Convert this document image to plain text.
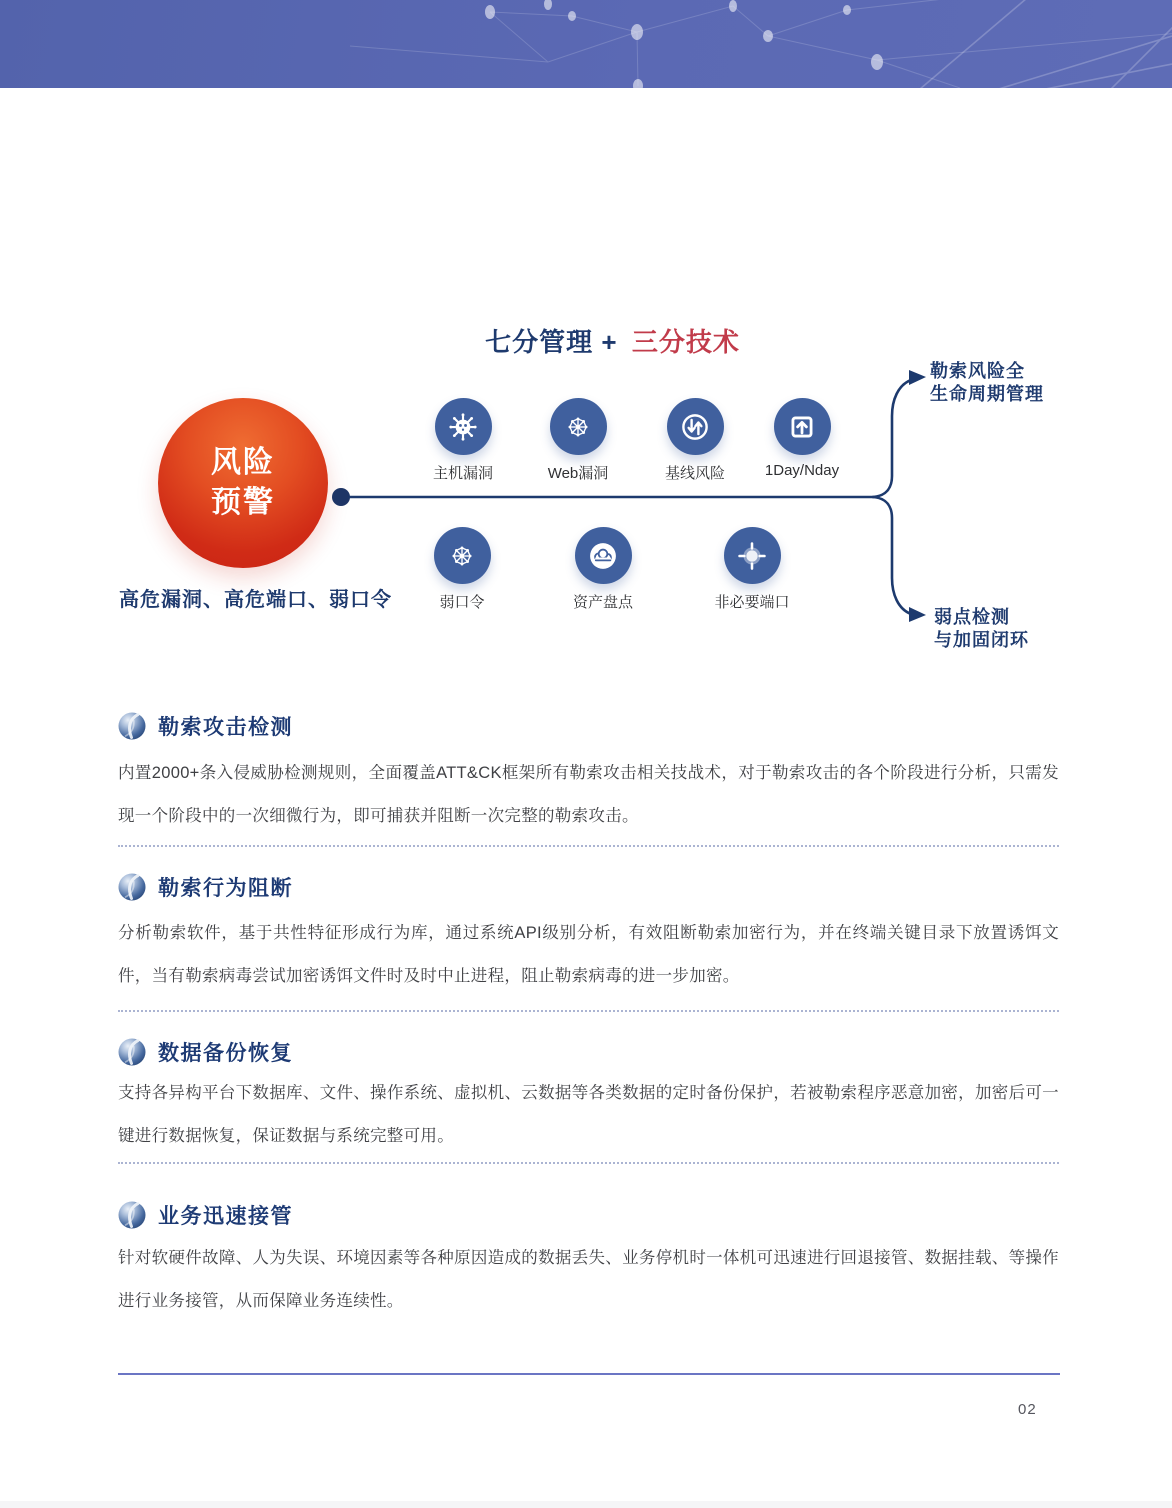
七分管理 + 三分技术
风险
预警
高危漏洞、高危端口、弱口令
主机漏洞	Web漏洞	基线风险	1Day/Nday
弱口令	资产盘点	非必要端口
勒索风险全
生命周期管理
弱点检测
与加固闭环
勒索攻击检测
内置2000+条入侵威胁检测规则，全面覆盖ATT&CK框架所有勒索攻击相关技战术，对于勒索攻击的各个阶段进行分析，只需发现一个阶段中的一次细微行为，即可捕获并阻断一次完整的勒索攻击。
勒索行为阻断
分析勒索软件，基于共性特征形成行为库，通过系统API级别分析，有效阻断勒索加密行为，并在终端关键目录下放置诱饵文件，当有勒索病毒尝试加密诱饵文件时及时中止进程，阻止勒索病毒的进一步加密。
数据备份恢复
支持各异构平台下数据库、文件、操作系统、虚拟机、云数据等各类数据的定时备份保护，若被勒索程序恶意加密，加密后可一键进行数据恢复，保证数据与系统完整可用。
业务迅速接管
针对软硬件故障、人为失误、环境因素等各种原因造成的数据丢失、业务停机时一体机可迅速进行回退接管、数据挂载、等操作进行业务接管，从而保障业务连续性。
02
